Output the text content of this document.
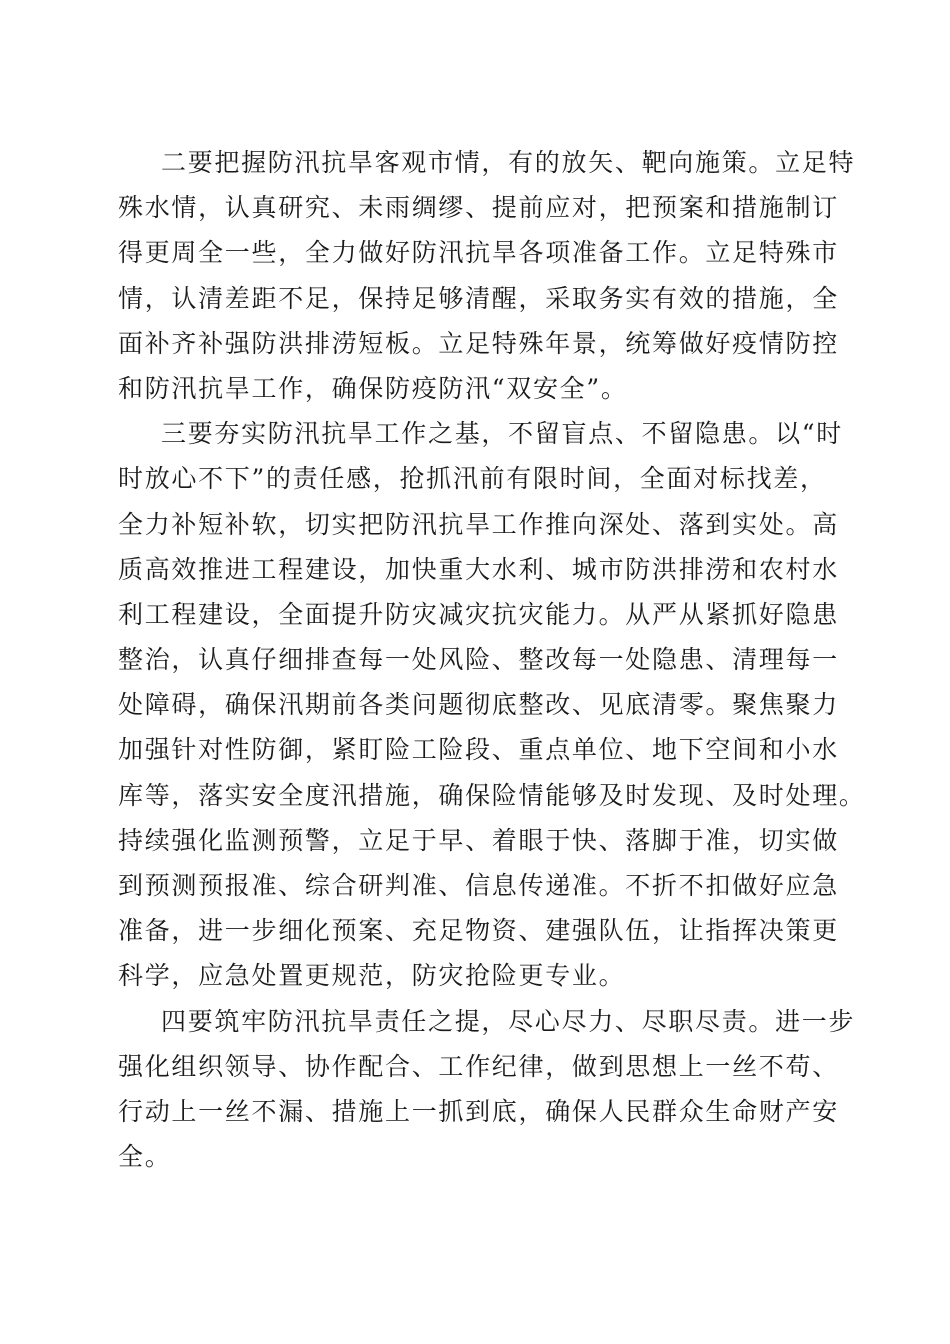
二要把握防汛抗旱客观市情，有的放矢、靶向施策。立足特
殊水情，认真研究、未雨绸缪、提前应对，把预案和措施制订
得更周全一些，全力做好防汛抗旱各项准备工作。立足特殊市
情，认清差距不足，保持足够清醒，采取务实有效的措施，全
面补齐补强防洪排涝短板。立足特殊年景，统筹做好疫情防控
和防汛抗旱工作，确保防疫防汛“双安全”。
三要夯实防汛抗旱工作之基，不留盲点、不留隐患。以“时
时放心不下”的责任感，抢抓汛前有限时间，全面对标找差，
全力补短补软，切实把防汛抗旱工作推向深处、落到实处。高
质高效推进工程建设，加快重大水利、城市防洪排涝和农村水
利工程建设，全面提升防灾减灾抗灾能力。从严从紧抓好隐患
整治，认真仔细排查每一处风险、整改每一处隐患、清理每一
处障碍，确保汛期前各类问题彻底整改、见底清零。聚焦聚力
加强针对性防御，紧盯险工险段、重点单位、地下空间和小水
库等，落实安全度汛措施，确保险情能够及时发现、及时处理。
持续强化监测预警，立足于早、着眼于快、落脚于准，切实做
到预测预报准、综合研判准、信息传递准。不折不扣做好应急
准备，进一步细化预案、充足物资、建强队伍，让指挥决策更
科学，应急处置更规范，防灾抢险更专业。
四要筑牢防汛抗旱责任之提，尽心尽力、尽职尽责。进一步
强化组织领导、协作配合、工作纪律，做到思想上一丝不苟、
行动上一丝不漏、措施上一抓到底，确保人民群众生命财产安
全。
